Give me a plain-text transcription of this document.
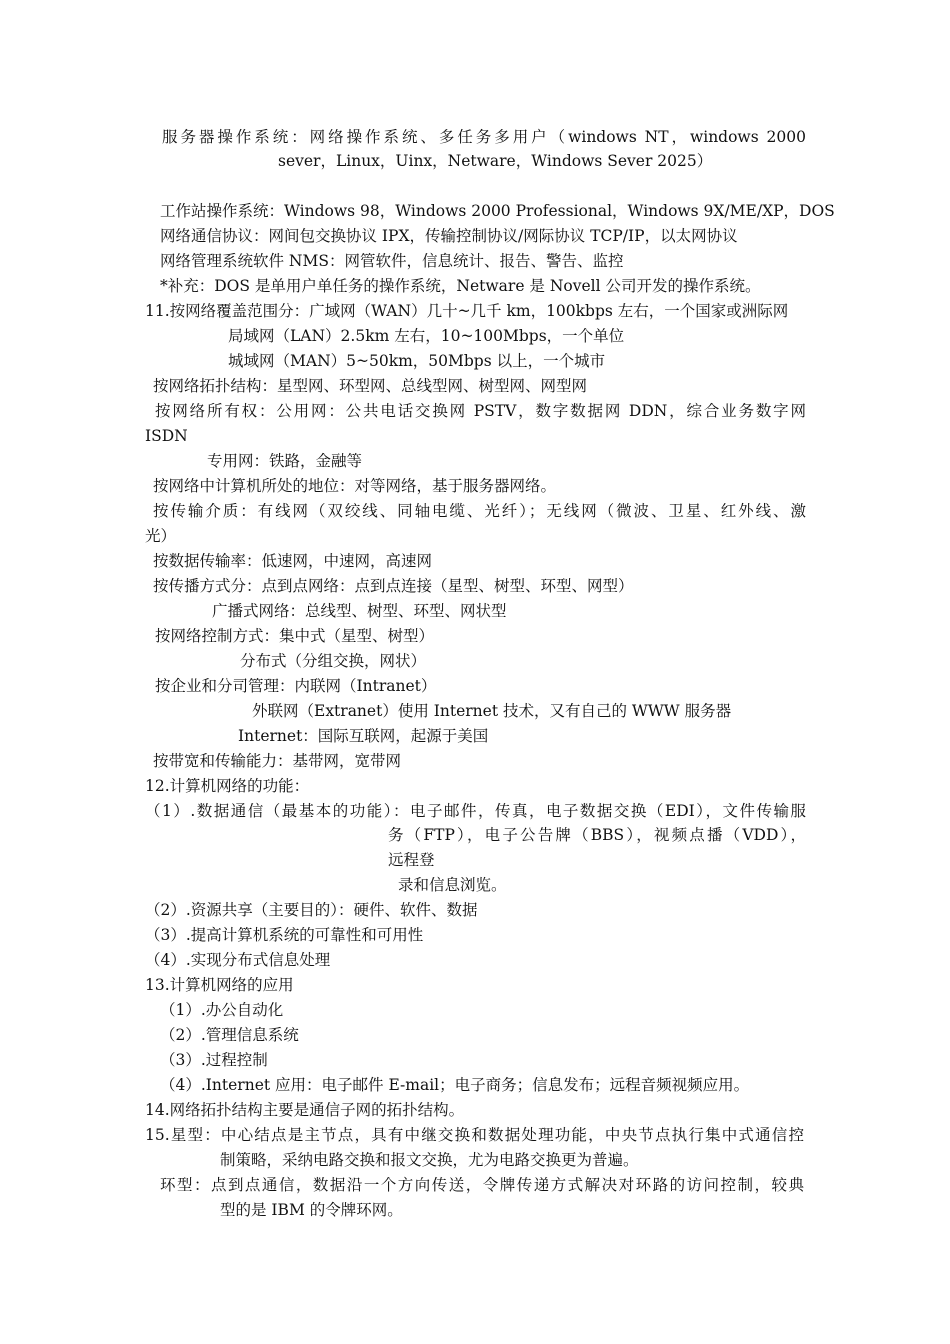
服务器操作系统：网络操作系统、多任务多用户（windows NT，windows 2000
sever，Linux，Uinx，Netware，Windows Sever 2025）
工作站操作系统：Windows 98，Windows 2000 Professional，Windows 9X/ME/XP，DOS
网络通信协议：网间包交换协议 IPX，传输控制协议/网际协议 TCP/IP，以太网协议
网络管理系统软件 NMS：网管软件，信息统计、报告、警告、监控
*补充：DOS 是单用户单任务的操作系统，Netware 是 Novell 公司开发的操作系统。
11.按网络覆盖范围分：广域网（WAN）几十~几千 km，100kbps 左右，一个国家或洲际网
局域网（LAN）2.5km 左右，10~100Mbps，一个单位
城域网（MAN）5~50km，50Mbps 以上，一个城市
按网络拓扑结构：星型网、环型网、总线型网、树型网、网型网
按网络所有权：公用网：公共电话交换网 PSTV，数字数据网 DDN，综合业务数字网
ISDN
专用网：铁路，金融等
按网络中计算机所处的地位：对等网络，基于服务器网络。
按传输介质：有线网（双绞线、同轴电缆、光纤）；无线网（微波、卫星、红外线、激
光）
按数据传输率：低速网，中速网，高速网
按传播方式分：点到点网络：点到点连接（星型、树型、环型、网型）
广播式网络：总线型、树型、环型、网状型
按网络控制方式：集中式（星型、树型）
分布式（分组交换，网状）
按企业和分司管理：内联网（Intranet）
外联网（Extranet）使用 Internet 技术，又有自己的 WWW 服务器
Internet：国际互联网，起源于美国
按带宽和传输能力：基带网，宽带网
12.计算机网络的功能：
（1）.数据通信（最基本的功能）：电子邮件，传真，电子数据交换（EDI），文件传输服
务（FTP），电子公告牌（BBS），视频点播（VDD），
远程登
录和信息浏览。
（2）.资源共享（主要目的）：硬件、软件、数据
（3）.提高计算机系统的可靠性和可用性
（4）.实现分布式信息处理
13.计算机网络的应用
（1）.办公自动化
（2）.管理信息系统
（3）.过程控制
（4）.Internet 应用：电子邮件 E-mail；电子商务；信息发布；远程音频视频应用。
14.网络拓扑结构主要是通信子网的拓扑结构。
15.星型：中心结点是主节点，具有中继交换和数据处理功能，中央节点执行集中式通信控
制策略，采纳电路交换和报文交换，尤为电路交换更为普遍。
环型：点到点通信，数据沿一个方向传送，令牌传递方式解决对环路的访问控制，较典
型的是 IBM 的令牌环网。
